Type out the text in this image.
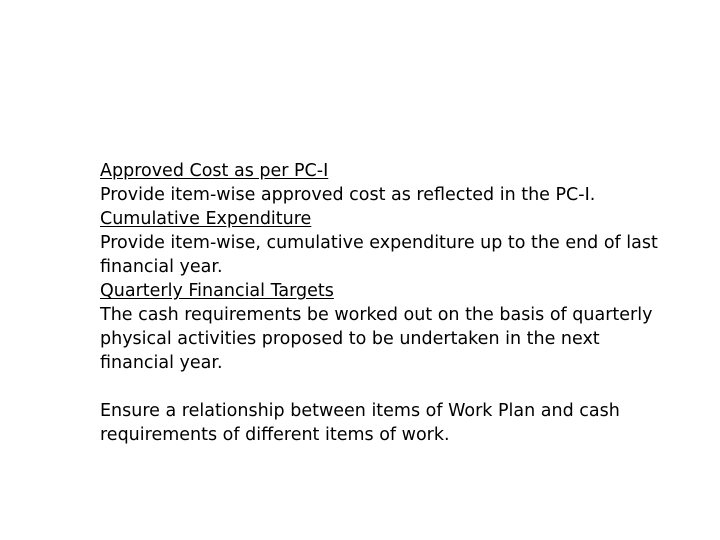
Approved Cost as per PC-I
Provide item-wise approved cost as reflected in the PC-I.
Cumulative Expenditure
Provide item-wise, cumulative expenditure up to the end of last financial year.
Quarterly Financial Targets
The cash requirements be worked out on the basis of quarterly physical activities proposed to be undertaken in the next financial year.
Ensure a relationship between items of Work Plan and cash requirements of different items of work.
